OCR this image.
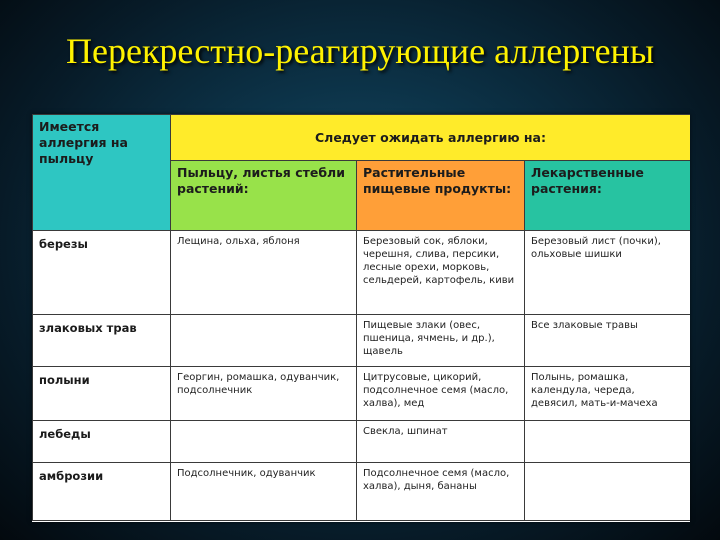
Перекрестно-реагирующие аллергены
Имеется аллергия на пыльцу	Следует ожидать аллергию на:		
	Пыльцу, листья стебли растений:	Растительные пищевые продукты:	Лекарственные растения:
березы	Лещина, ольха, яблоня	Березовый сок, яблоки, черешня, слива, персики, лесные орехи, морковь, сельдерей, картофель, киви	Березовый лист (почки), ольховые шишки
злаковых трав		Пищевые злаки (овес, пшеница, ячмень, и др.), щавель	Все злаковые травы
полыни	Георгин, ромашка, одуванчик, подсолнечник	Цитрусовые, цикорий, подсолнечное семя (масло, халва), мед	Полынь, ромашка, календула, череда, девясил, мать-и-мачеха
лебеды		Свекла, шпинат	
амброзии	Подсолнечник, одуванчик	Подсолнечное семя (масло, халва), дыня, бананы	
